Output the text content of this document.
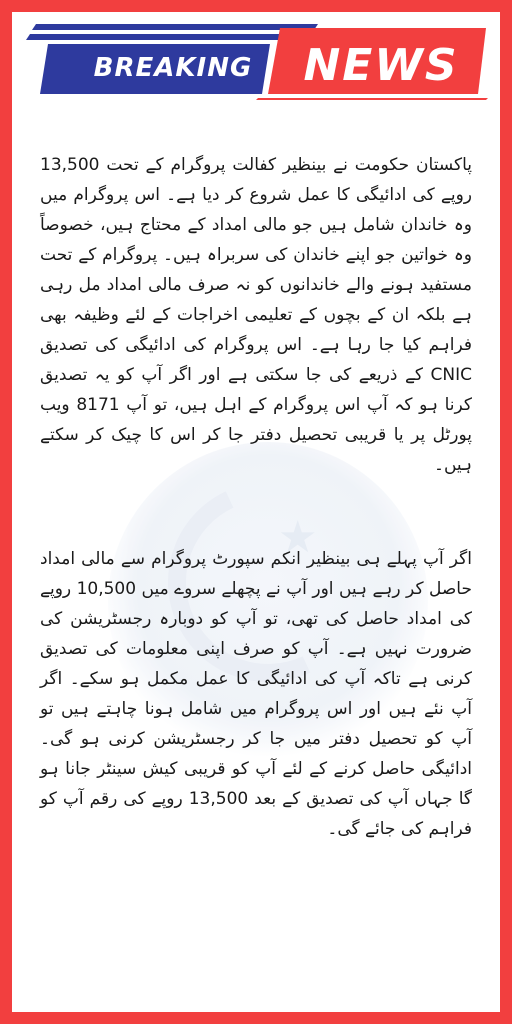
★
BREAKING	NEWS

پاکستان حکومت نے بینظیر کفالت پروگرام کے تحت 13,500 روپے کی ادائیگی کا عمل شروع کر دیا ہے۔ اس پروگرام میں وہ خاندان شامل ہیں جو مالی امداد کے محتاج ہیں، خصوصاً وہ خواتین جو اپنے خاندان کی سربراہ ہیں۔ پروگرام کے تحت مستفید ہونے والے خاندانوں کو نہ صرف مالی امداد مل رہی ہے بلکہ ان کے بچوں کے تعلیمی اخراجات کے لئے وظیفہ بھی فراہم کیا جا رہا ہے۔ اس پروگرام کی ادائیگی کی تصدیق CNIC کے ذریعے کی جا سکتی ہے اور اگر آپ کو یہ تصدیق کرنا ہو کہ آپ اس پروگرام کے اہل ہیں، تو آپ 8171 ویب پورٹل پر یا قریبی تحصیل دفتر جا کر اس کا چیک کر سکتے ہیں۔

اگر آپ پہلے ہی بینظیر انکم سپورٹ پروگرام سے مالی امداد حاصل کر رہے ہیں اور آپ نے پچھلے سروے میں 10,500 روپے کی امداد حاصل کی تھی، تو آپ کو دوبارہ رجسٹریشن کی ضرورت نہیں ہے۔ آپ کو صرف اپنی معلومات کی تصدیق کرنی ہے تاکہ آپ کی ادائیگی کا عمل مکمل ہو سکے۔ اگر آپ نئے ہیں اور اس پروگرام میں شامل ہونا چاہتے ہیں تو آپ کو تحصیل دفتر میں جا کر رجسٹریشن کرنی ہو گی۔ ادائیگی حاصل کرنے کے لئے آپ کو قریبی کیش سینٹر جانا ہو گا جہاں آپ کی تصدیق کے بعد 13,500 روپے کی رقم آپ کو فراہم کی جائے گی۔
